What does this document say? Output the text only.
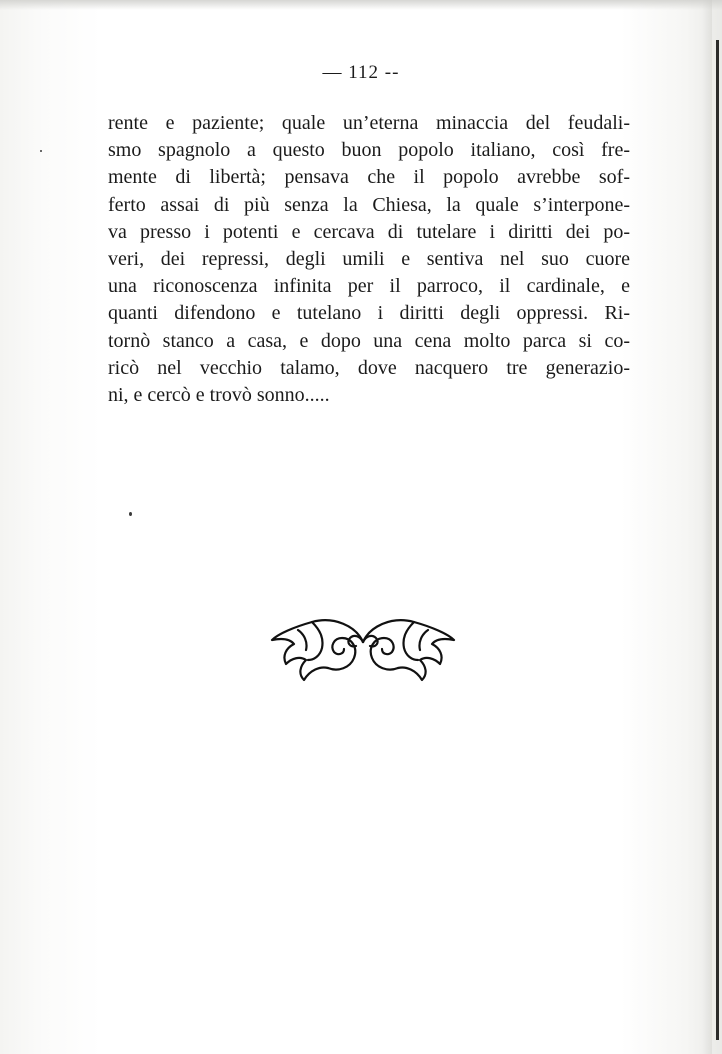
— 112 --
rente e paziente; quale un’eterna minaccia del feudali-
smo spagnolo a questo buon popolo italiano, così fre-
mente di libertà; pensava che il popolo avrebbe sof-
ferto assai di più senza la Chiesa, la quale s’interpone-
va presso i potenti e cercava di tutelare i diritti dei po-
veri, dei repressi, degli umili e sentiva nel suo cuore
una riconoscenza infinita per il parroco, il cardinale, e
quanti difendono e tutelano i diritti degli oppressi. Ri-
tornò stanco a casa, e dopo una cena molto parca si co-
ricò nel vecchio talamo, dove nacquero tre generazio-
ni, e cercò e trovò sonno.....
